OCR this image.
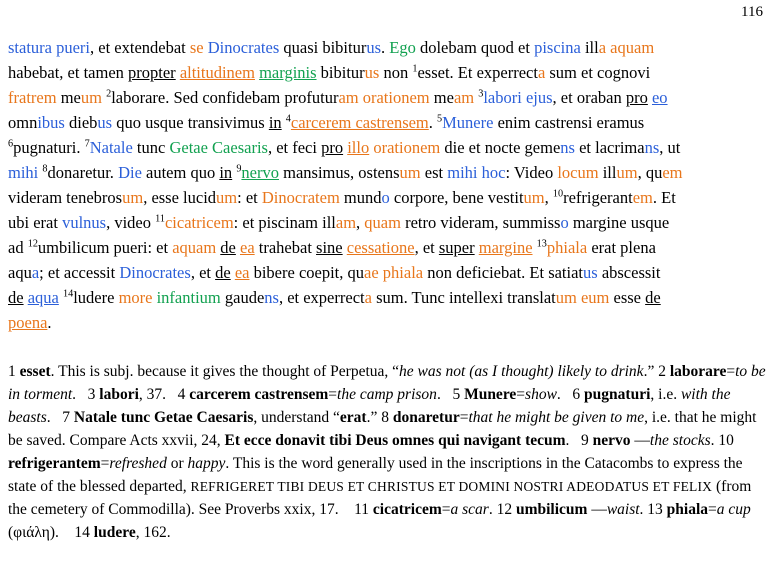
116
statura pueri, et extendebat se Dinocrates quasi bibiturus. Ego dolebam quod et piscina illa aquam
habebat, et tamen propter altitudinem marginis bibiturus non $^1$esset. Et experrecta sum et cognovi
fratrem meum $^2$laborare. Sed confidebam profuturam orationem meam $^3$labori ejus, et oraban pro eo
omnibus diebus quo usque transivimus in $^4$carcerem castrensem. $^5$Munere enim castrensi eramus
$^6$pugnaturi. $^7$Natale tunc Getae Caesaris, et feci pro illo orationem die et nocte gemens et lacrimans, ut
mihi $^8$donaretur. Die autem quo in $^9$nervo mansimus, ostensum est mihi hoc: Video locum illum, quem
videram tenebrosum, esse lucidum: et Dinocratem mundo corpore, bene vestitum, $^{10}$refrigerantem. Et
ubi erat vulnus, video $^{11}$cicatricem: et piscinam illam, quam retro videram, summisso margine usque
ad $^{12}$umbilicum pueri: et aquam de ea trahebat sine cessatione, et super margine $^{13}$phiala erat plena
aqua; et accessit Dinocrates, et de ea bibere coepit, quae phiala non deficiebat. Et satiatus abscessit
de aqua $^{14}$ludere more infantium gaudens, et experrecta sum. Tunc intellexi translatum eum esse de
poena.
1 esset. This is subj. because it gives the thought of Perpetua, “he was not (as I thought) likely to drink.” 2 laborare=to be in torment. 3 labori, 37. 4 carcerem castrensem=the camp prison. 5 Munere=show. 6 pugnaturi, i.e. with the beasts. 7 Natale tunc Getae Caesaris, understand “erat.” 8 donaretur=that he might be given to me, i.e. that he might be saved. Compare Acts xxvii, 24, Et ecce donavit tibi Deus omnes qui navigant tecum. 9 nervo —the stocks. 10 refrigerantem=refreshed or happy. This is the word generally used in the inscriptions in the Catacombs to express the state of the blessed departed, REFRIGERET TIBI DEUS ET CHRISTUS ET DOMINI NOSTRI ADEODATUS ET FELIX (from the cemetery of Commodilla). See Proverbs xxix, 17. 11 cicatricem=a scar. 12 umbilicum —waist. 13 phiala=a cup (φιάλη). 14 ludere, 162.
